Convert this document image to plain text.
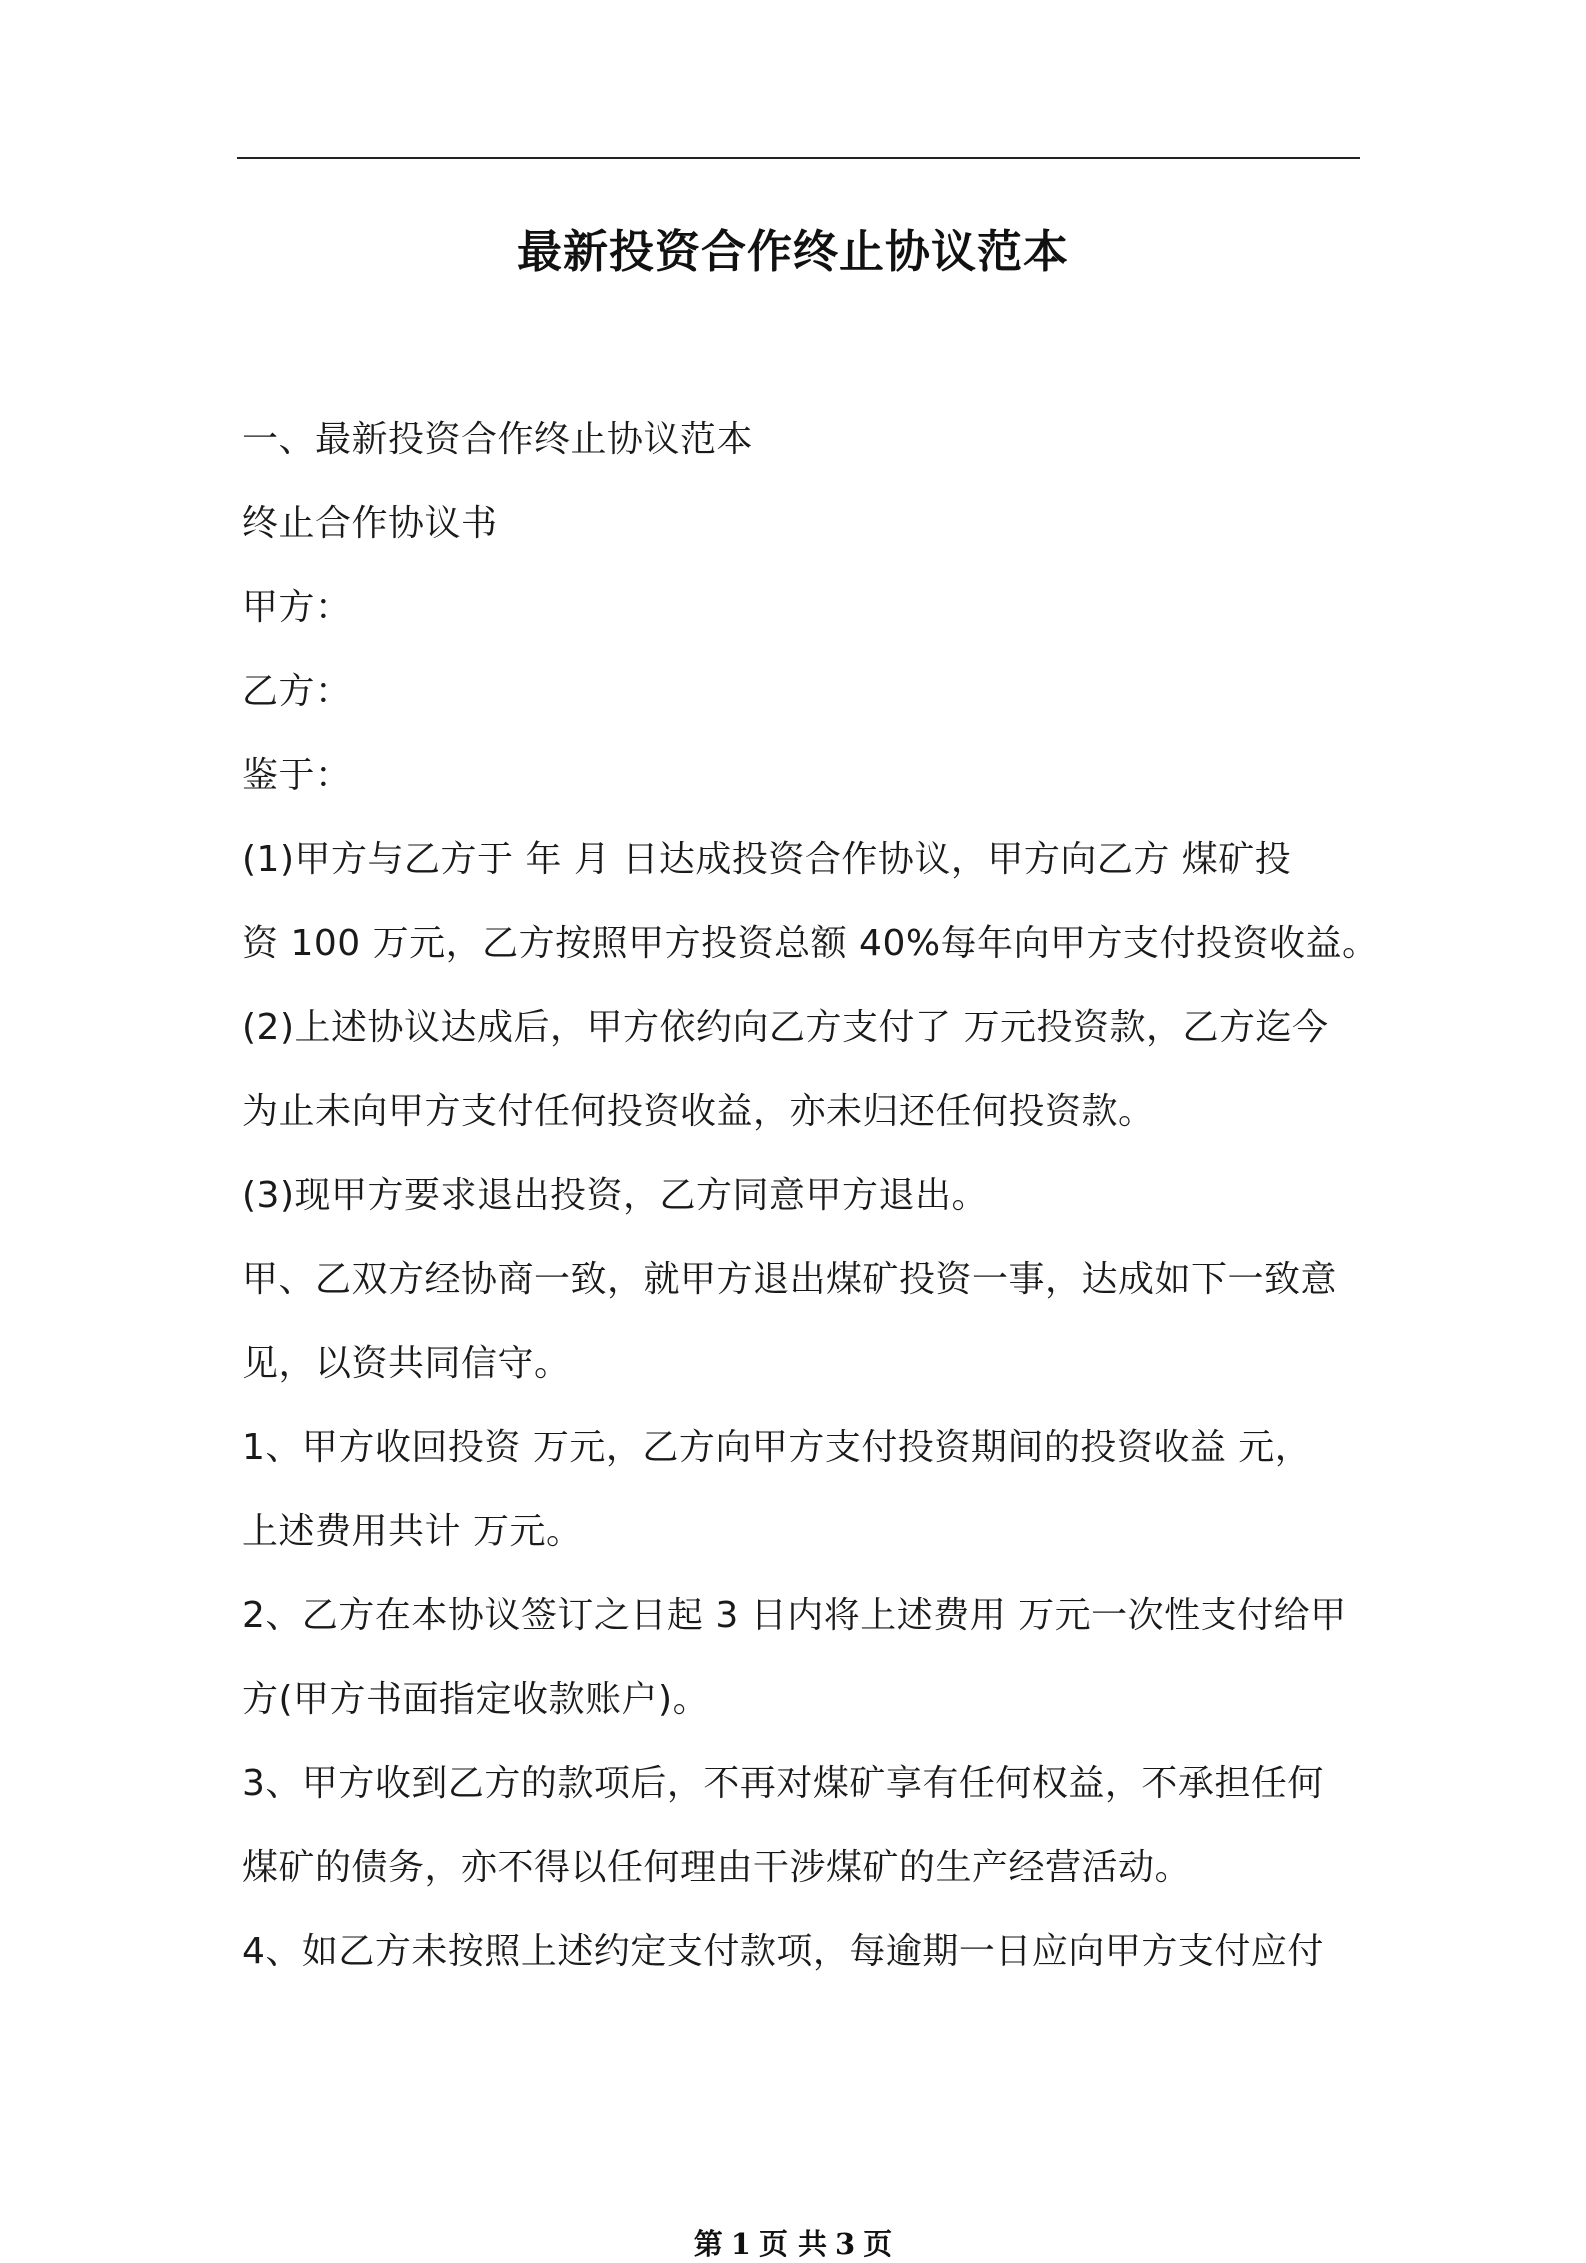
最新投资合作终止协议范本
一、最新投资合作终止协议范本
终止合作协议书
甲方：
乙方：
鉴于：
(1)甲方与乙方于 年 月 日达成投资合作协议，甲方向乙方 煤矿投
资 100 万元，乙方按照甲方投资总额 40%每年向甲方支付投资收益。
(2)上述协议达成后，甲方依约向乙方支付了 万元投资款，乙方迄今
为止未向甲方支付任何投资收益，亦未归还任何投资款。
(3)现甲方要求退出投资，乙方同意甲方退出。
甲、乙双方经协商一致，就甲方退出煤矿投资一事，达成如下一致意
见，以资共同信守。
1、甲方收回投资 万元，乙方向甲方支付投资期间的投资收益 元，
上述费用共计 万元。
2、乙方在本协议签订之日起 3 日内将上述费用 万元一次性支付给甲
方(甲方书面指定收款账户)。
3、甲方收到乙方的款项后，不再对煤矿享有任何权益，不承担任何
煤矿的债务，亦不得以任何理由干涉煤矿的生产经营活动。
4、如乙方未按照上述约定支付款项，每逾期一日应向甲方支付应付
第 1 页 共 3 页
